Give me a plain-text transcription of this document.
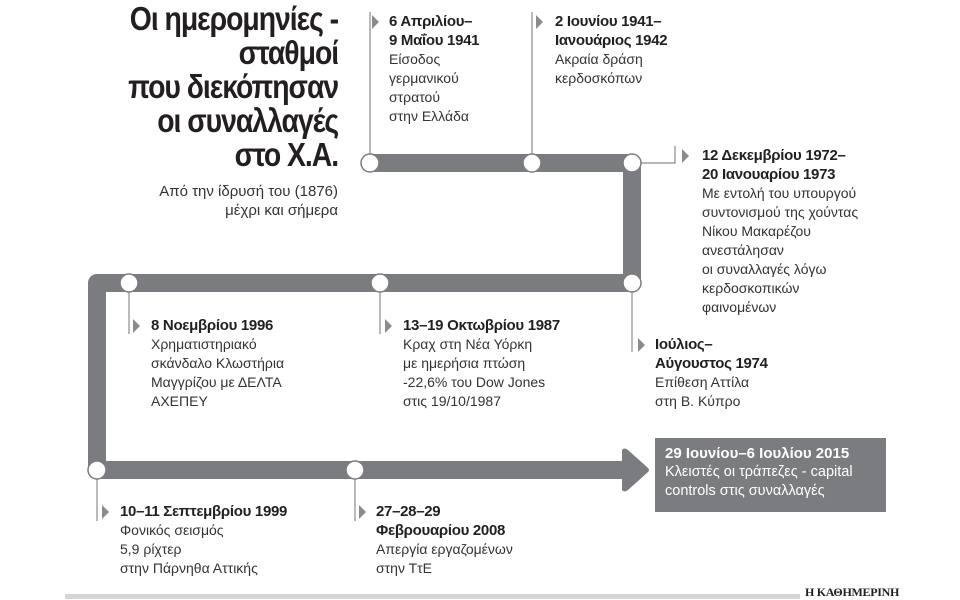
Οι ημερομηνίες -
σταθμοί
που διεκόπησαν
οι συναλλαγές
στο Χ.Α.
Από την ίδρυσή του (1876)
μέχρι και σήμερα
6 Απριλίου–
9 Μαΐου 1941
Είσοδος
γερμανικού
στρατού
στην Ελλάδα
2 Ιουνίου 1941–
Ιανουάριος 1942
Ακραία δράση
κερδοσκόπων
12 Δεκεμβρίου 1972–
20 Ιανουαρίου 1973
Με εντολή του υπουργού
συντονισμού της χούντας
Νίκου Μακαρέζου
ανεστάλησαν
οι συναλλαγές λόγω
κερδοσκοπικών
φαινομένων
Ιούλιος–
Αύγουστος 1974
Επίθεση Αττίλα
στη Β. Κύπρο
13–19 Οκτωβρίου 1987
Κραχ στη Νέα Υόρκη
με ημερήσια πτώση
-22,6% του Dow Jones
στις 19/10/1987
8 Νοεμβρίου 1996
Χρηματιστηριακό
σκάνδαλο Κλωστήρια
Μαγγρίζου με ΔΕΛΤΑ
ΑΧΕΠΕΥ
10–11 Σεπτεμβρίου 1999
Φονικός σεισμός
5,9 ρίχτερ
στην Πάρνηθα Αττικής
27–28–29
Φεβρουαρίου 2008
Απεργία εργαζομένων
στην ΤτΕ
29 Ιουνίου–6 Ιουλίου 2015
Κλειστές οι τράπεζες - capital
controls στις συναλλαγές
Η ΚΑΘΗΜΕΡΙΝΗ
